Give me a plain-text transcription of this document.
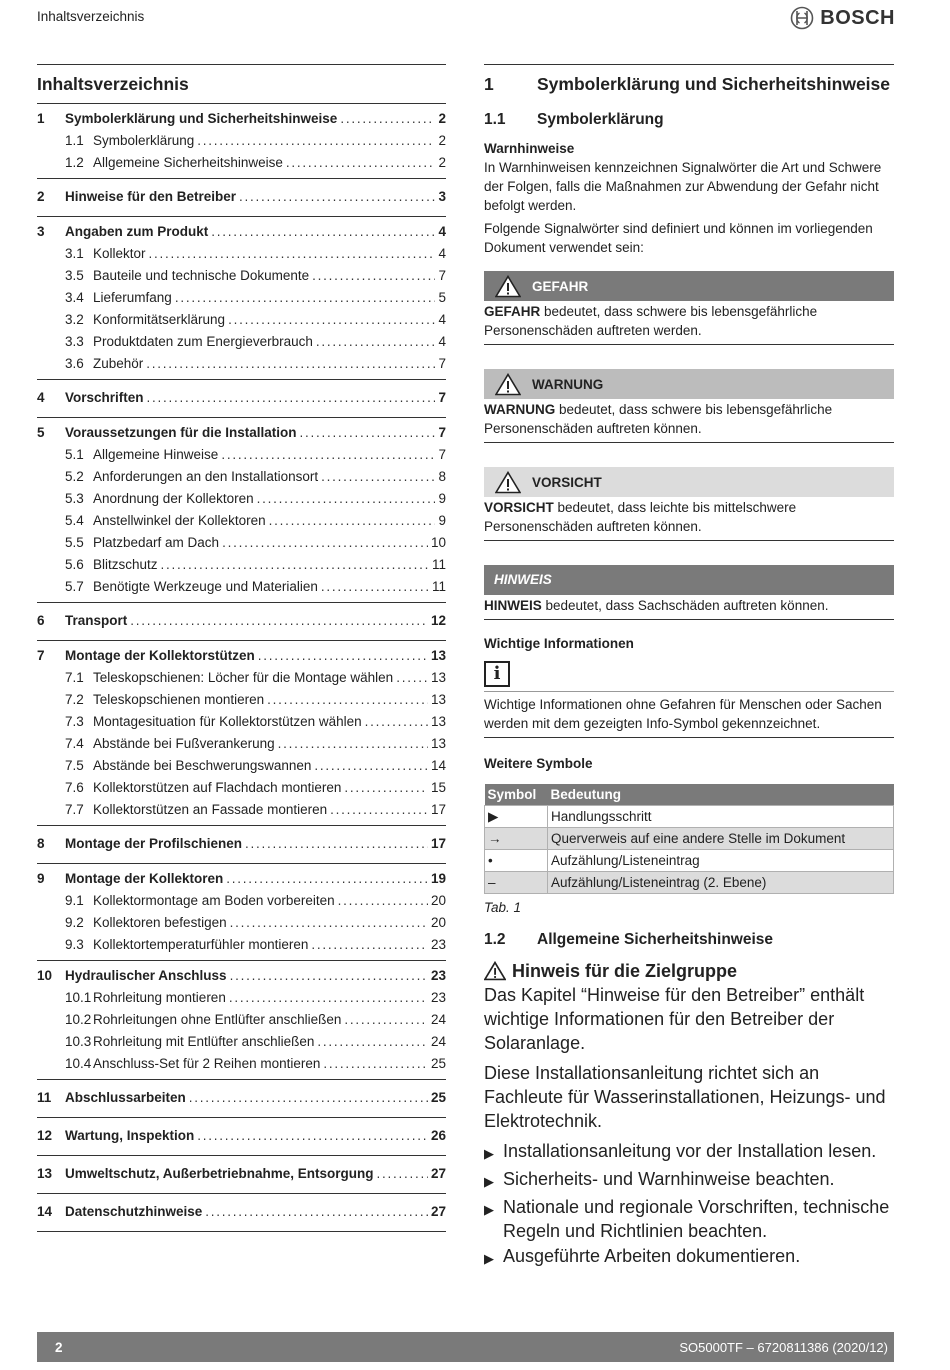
Inhaltsverzeichnis	BOSCH
Inhaltsverzeichnis
1	Symbolerklärung und Sicherheitshinweise . . .	2
1.1 Symbolerklärung . . .	2
1.2 Allgemeine Sicherheitshinweise . . .	2
2	Hinweise für den Betreiber . . .	3
3	Angaben zum Produkt . . .	4
3.1 Kollektor . . .	4
3.5 Bauteile und technische Dokumente . . .	7
3.4 Lieferumfang . . .	5
3.2 Konformitätserklärung . . .	4
3.3 Produktdaten zum Energieverbrauch . . .	4
3.6 Zubehör . . .	7
4	Vorschriften . . .	7
5	Voraussetzungen für die Installation . . .	7
5.1 Allgemeine Hinweise . . .	7
5.2 Anforderungen an den Installationsort . . .	8
5.3 Anordnung der Kollektoren . . .	9
5.4 Anstellwinkel der Kollektoren . . .	9
5.5 Platzbedarf am Dach . . .	10
5.6 Blitzschutz . . .	11
5.7 Benötigte Werkzeuge und Materialien . . .	11
6	Transport . . .	12
7	Montage der Kollektorstützen . . .	13
7.1 Teleskopschienen: Löcher für die Montage wählen . . .	13
7.2 Teleskopschienen montieren . . .	13
7.3 Montagesituation für Kollektorstützen wählen . . .	13
7.4 Abstände bei Fußverankerung . . .	13
7.5 Abstände bei Beschwerungswannen . . .	14
7.6 Kollektorstützen auf Flachdach montieren . . .	15
7.7 Kollektorstützen an Fassade montieren . . .	17
8	Montage der Profilschienen . . .	17
9	Montage der Kollektoren . . .	19
9.1 Kollektormontage am Boden vorbereiten . . .	20
9.2 Kollektoren befestigen . . .	20
9.3 Kollektortemperaturfühler montieren . . .	23
10 Hydraulischer Anschluss . . .	23
10.1 Rohrleitung montieren . . .	23
10.2 Rohrleitungen ohne Entlüfter anschließen . . .	24
10.3 Rohrleitung mit Entlüfter anschließen . . .	24
10.4 Anschluss-Set für 2 Reihen montieren . . .	25
11	Abschlussarbeiten . . .	25
12 Wartung, Inspektion . . .	26
13 Umweltschutz, Außerbetriebnahme, Entsorgung . . .	27
14 Datenschutzhinweise . . .	27
1	Symbolerklärung und Sicherheitshinweise
1.1	Symbolerklärung

Warnhinweise

In Warnhinweisen kennzeichnen Signalwörter die Art und Schwere der Folgen, falls die Maßnahmen zur Abwendung der Gefahr nicht befolgt werden.

Folgende Signalwörter sind definiert und können im vorliegenden Dokument verwendet sein:

GEFAHR

GEFAHR bedeutet, dass schwere bis lebensgefährliche Personenschäden auftreten werden.

WARNUNG

WARNUNG bedeutet, dass schwere bis lebensgefährliche Personenschäden auftreten können.

VORSICHT

VORSICHT bedeutet, dass leichte bis mittelschwere Personenschäden auftreten können.

HINWEIS

HINWEIS bedeutet, dass Sachschäden auftreten können.

Wichtige Informationen

i

Wichtige Informationen ohne Gefahren für Menschen oder Sachen werden mit dem gezeigten Info-Symbol gekennzeichnet.

Weitere Symbole

Symbol	Bedeutung
▶	Handlungsschritt
→	Querverweis auf eine andere Stelle im Dokument
•	Aufzählung/Listeneintrag
–	Aufzählung/Listeneintrag (2. Ebene)

Tab. 1

1.2	Allgemeine Sicherheitshinweise
Hinweis für die Zielgruppe

Das Kapitel “Hinweise für den Betreiber” enthält wichtige Informationen für den Betreiber der Solaranlage.

Diese Installationsanleitung richtet sich an Fachleute für Wasserinstallationen, Heizungs- und Elektrotechnik.

▶ Installationsanleitung vor der Installation lesen.
▶ Sicherheits- und Warnhinweise beachten.
▶ Nationale und regionale Vorschriften, technische Regeln und Richtlinien beachten.
▶ Ausgeführte Arbeiten dokumentieren.
2	SO5000TF – 6720811386 (2020/12)
